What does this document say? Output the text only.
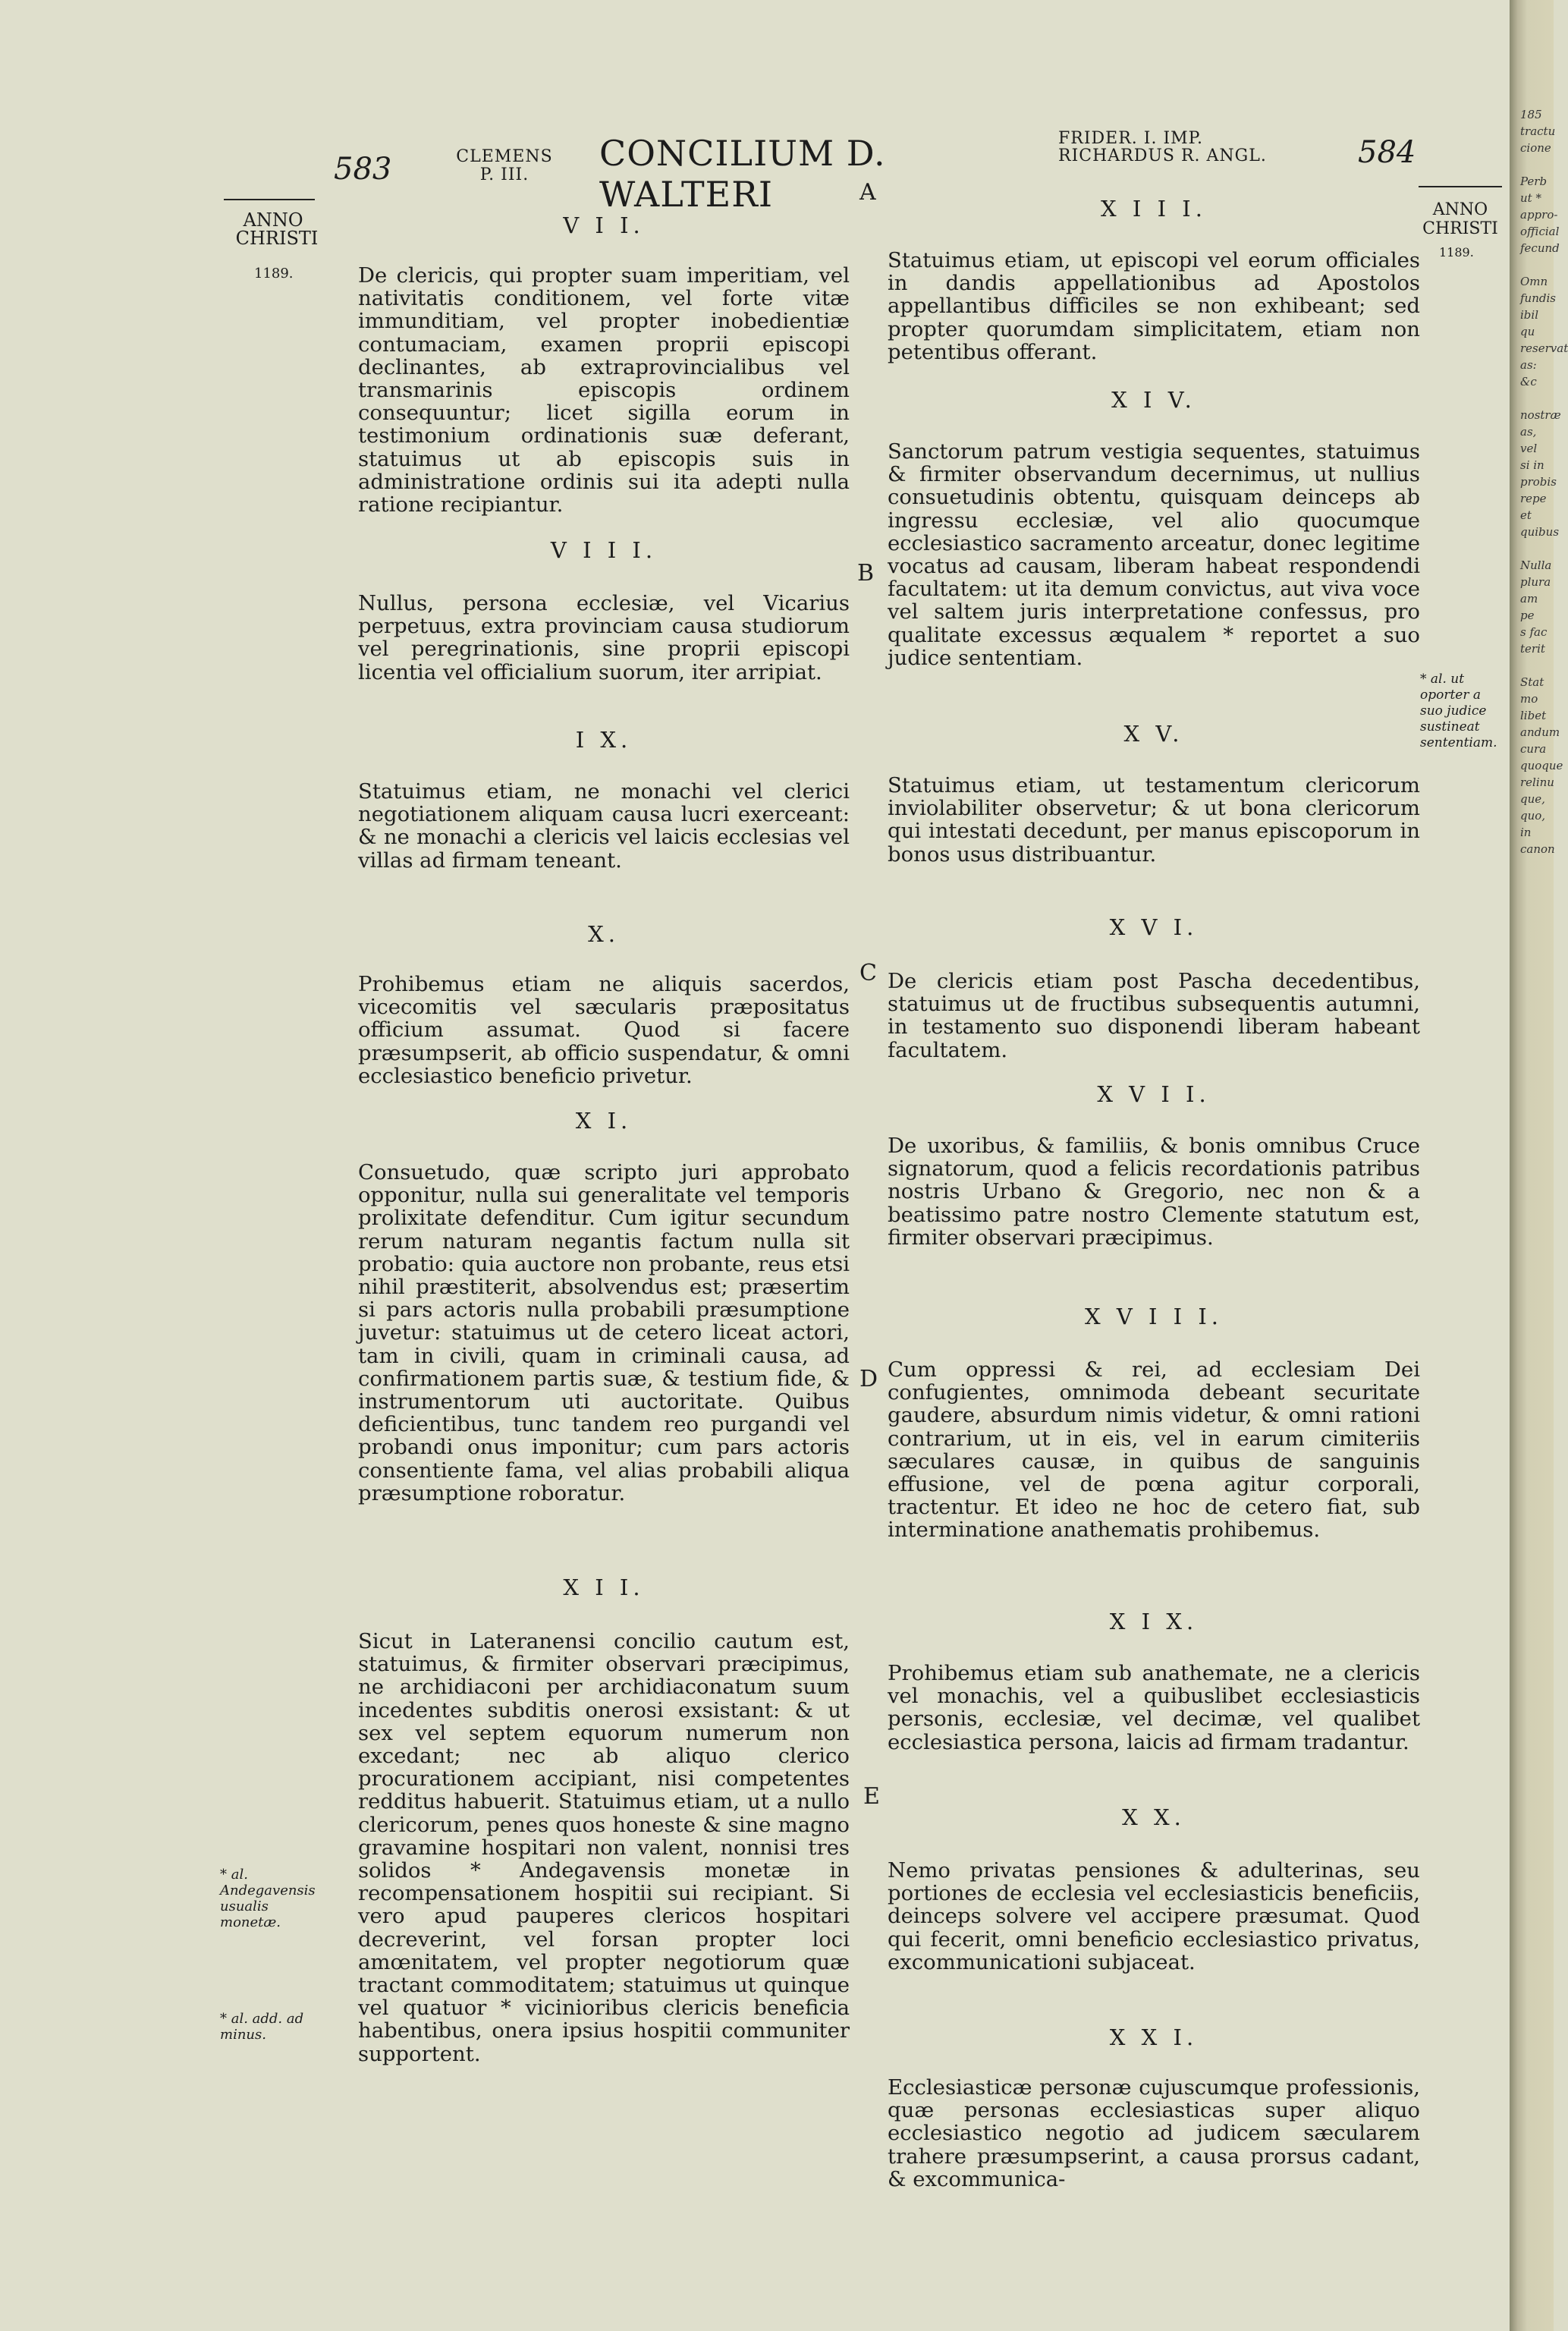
185
tractu
cione

Perb
ut *
appro-
official
fecund

Omn
fundis
ibil qu
reservat
as: &c

nostræ
as, vel
si in
probis
repe
et quibus

Nulla
plura
am pe
s fac
terit

Stat
mo
libet
andum
cura
quoque
relinu
que,
quo,
in
canon
583	584
CLEMENS
P. III.
CONCILIUM D. WALTERI
FRIDER. I. IMP.
RICHARDUS R. ANGL.
A
ANNO
CHRISTI
1189.
ANNO
CHRISTI
1189.
B
C
D
E
* al. ut oporter a suo judice sustineat sententiam.
* al. Andegavensis usualis monetæ.
* al. add. ad minus.
V I I.
De clericis, qui propter suam imperitiam, vel nativitatis conditionem, vel forte vitæ immunditiam, vel propter inobedientiæ contumaciam, examen proprii episcopi declinantes, ab extraprovincialibus vel transmarinis episcopis ordinem consequuntur; licet sigilla eorum in testimonium ordinationis suæ deferant, statuimus ut ab episcopis suis in administratione ordinis sui ita adepti nulla ratione recipiantur.
V I I I.
Nullus, persona ecclesiæ, vel Vicarius perpetuus, extra provinciam causa studiorum vel peregrinationis, sine proprii episcopi licentia vel officialium suorum, iter arripiat.
I X.
Statuimus etiam, ne monachi vel clerici negotiationem aliquam causa lucri exerceant: & ne monachi a clericis vel laicis ecclesias vel villas ad firmam teneant.
X.
Prohibemus etiam ne aliquis sacerdos, vicecomitis vel sæcularis præpositatus officium assumat. Quod si facere præsumpserit, ab officio suspendatur, & omni ecclesiastico beneficio privetur.
X I.
Consuetudo, quæ scripto juri approbato opponitur, nulla sui generalitate vel temporis prolixitate defenditur. Cum igitur secundum rerum naturam negantis factum nulla sit probatio: quia auctore non probante, reus etsi nihil præstiterit, absolvendus est; præsertim si pars actoris nulla probabili præsumptione juvetur: statuimus ut de cetero liceat actori, tam in civili, quam in criminali causa, ad confirmationem partis suæ, & testium fide, & instrumentorum uti auctoritate. Quibus deficientibus, tunc tandem reo purgandi vel probandi onus imponitur; cum pars actoris consentiente fama, vel alias probabili aliqua præsumptione roboratur.
X I I.
Sicut in Lateranensi concilio cautum est, statuimus, & firmiter observari præcipimus, ne archidiaconi per archidiaconatum suum incedentes subditis onerosi exsistant: & ut sex vel septem equorum numerum non excedant; nec ab aliquo clerico procurationem accipiant, nisi competentes redditus habuerit. Statuimus etiam, ut a nullo clericorum, penes quos honeste & sine magno gravamine hospitari non valent, nonnisi tres solidos * Andegavensis monetæ in recompensationem hospitii sui recipiant. Si vero apud pauperes clericos hospitari decreverint, vel forsan propter loci amœnitatem, vel propter negotiorum quæ tractant commoditatem; statuimus ut quinque vel quatuor * vicinioribus clericis beneficia habentibus, onera ipsius hospitii communiter supportent.
X I I I.
Statuimus etiam, ut episcopi vel eorum officiales in dandis appellationibus ad Apostolos appellantibus difficiles se non exhibeant; sed propter quorumdam simplicitatem, etiam non petentibus offerant.
X I V.
Sanctorum patrum vestigia sequentes, statuimus & firmiter observandum decernimus, ut nullius consuetudinis obtentu, quisquam deinceps ab ingressu ecclesiæ, vel alio quocumque ecclesiastico sacramento arceatur, donec legitime vocatus ad causam, liberam habeat respondendi facultatem: ut ita demum convictus, aut viva voce vel saltem juris interpretatione confessus, pro qualitate excessus æqualem * reportet a suo judice sententiam.
X V.
Statuimus etiam, ut testamentum clericorum inviolabiliter observetur; & ut bona clericorum qui intestati decedunt, per manus episcoporum in bonos usus distribuantur.
X V I.
De clericis etiam post Pascha decedentibus, statuimus ut de fructibus subsequentis autumni, in testamento suo disponendi liberam habeant facultatem.
X V I I.
De uxoribus, & familiis, & bonis omnibus Cruce signatorum, quod a felicis recordationis patribus nostris Urbano & Gregorio, nec non & a beatissimo patre nostro Clemente statutum est, firmiter observari præcipimus.
X V I I I.
Cum oppressi & rei, ad ecclesiam Dei confugientes, omnimoda debeant securitate gaudere, absurdum nimis videtur, & omni rationi contrarium, ut in eis, vel in earum cimiteriis sæculares causæ, in quibus de sanguinis effusione, vel de pœna agitur corporali, tractentur. Et ideo ne hoc de cetero fiat, sub interminatione anathematis prohibemus.
X I X.
Prohibemus etiam sub anathemate, ne a clericis vel monachis, vel a quibuslibet ecclesiasticis personis, ecclesiæ, vel decimæ, vel qualibet ecclesiastica persona, laicis ad firmam tradantur.
X X.
Nemo privatas pensiones & adulterinas, seu portiones de ecclesia vel ecclesiasticis beneficiis, deinceps solvere vel accipere præsumat. Quod qui fecerit, omni beneficio ecclesiastico privatus, excommunicationi subjaceat.
X X I.
Ecclesiasticæ personæ cujuscumque professionis, quæ personas ecclesiasticas super aliquo ecclesiastico negotio ad judicem sæcularem trahere præsumpserint, a causa prorsus cadant, & excommunica-
